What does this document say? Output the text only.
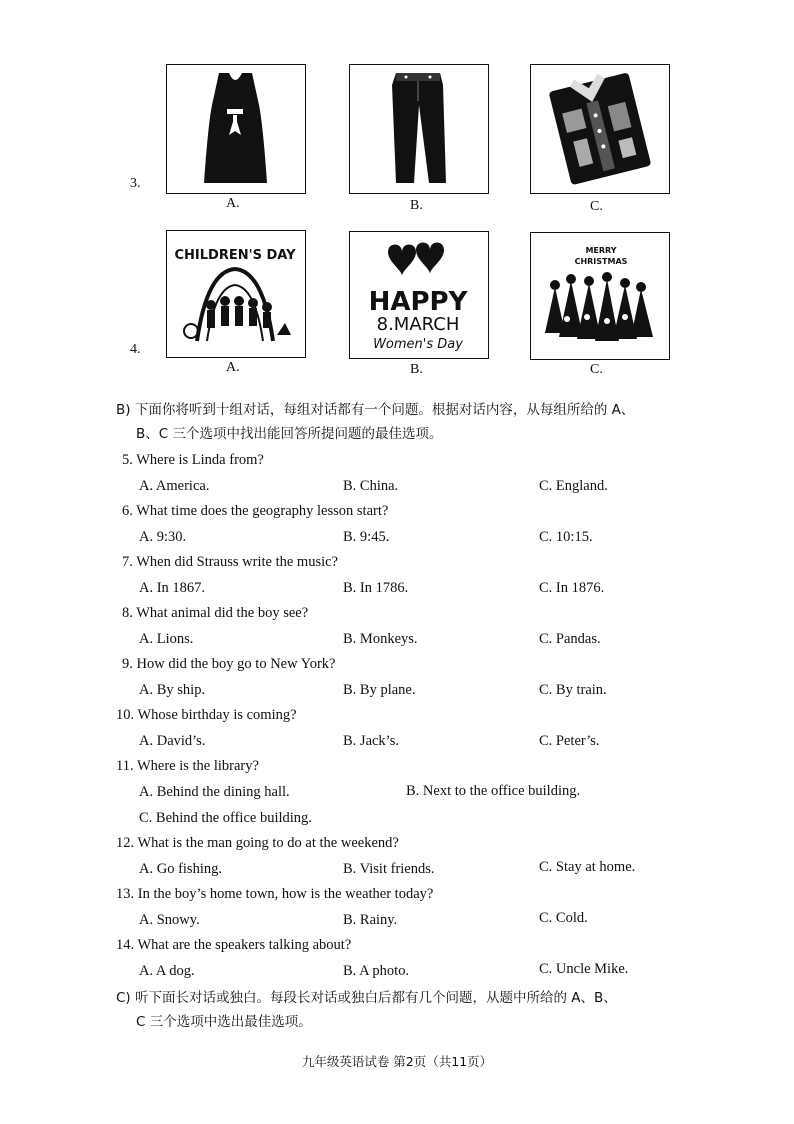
3.
A.	B.	C.
4.
CHILDREN'S DAY
A.
HAPPY
8.MARCH
Women's Day
B.
MERRY
CHRISTMAS
C.
B) 下面你将听到十组对话，每组对话都有一个问题。根据对话内容，从每组所给的 A、
B、C 三个选项中找出能回答所提问题的最佳选项。
5. Where is Linda from?
A. America.	B. China.	C. England.
6. What time does the geography lesson start?
A. 9:30.	B. 9:45.	C. 10:15.
7. When did Strauss write the music?
A. In 1867.	B. In 1786.	C. In 1876.
8. What animal did the boy see?
A. Lions.	B. Monkeys.	C. Pandas.
9. How did the boy go to New York?
A. By ship.	B. By plane.	C. By train.
10. Whose birthday is coming?
A. David’s.	B. Jack’s.	C. Peter’s.
11. Where is the library?
A. Behind the dining hall.	B. Next to the office building.
C. Behind the office building.
12. What is the man going to do at the weekend?
A. Go fishing.	B. Visit friends.	C. Stay at home.
13. In the boy’s home town, how is the weather today?
A. Snowy.	B. Rainy.	C. Cold.
14. What are the speakers talking about?
A. A dog.	B. A photo.	C. Uncle Mike.
C) 听下面长对话或独白。每段长对话或独白后都有几个问题，从题中所给的 A、B、
C 三个选项中选出最佳选项。
九年级英语试卷 第2页（共11页）
